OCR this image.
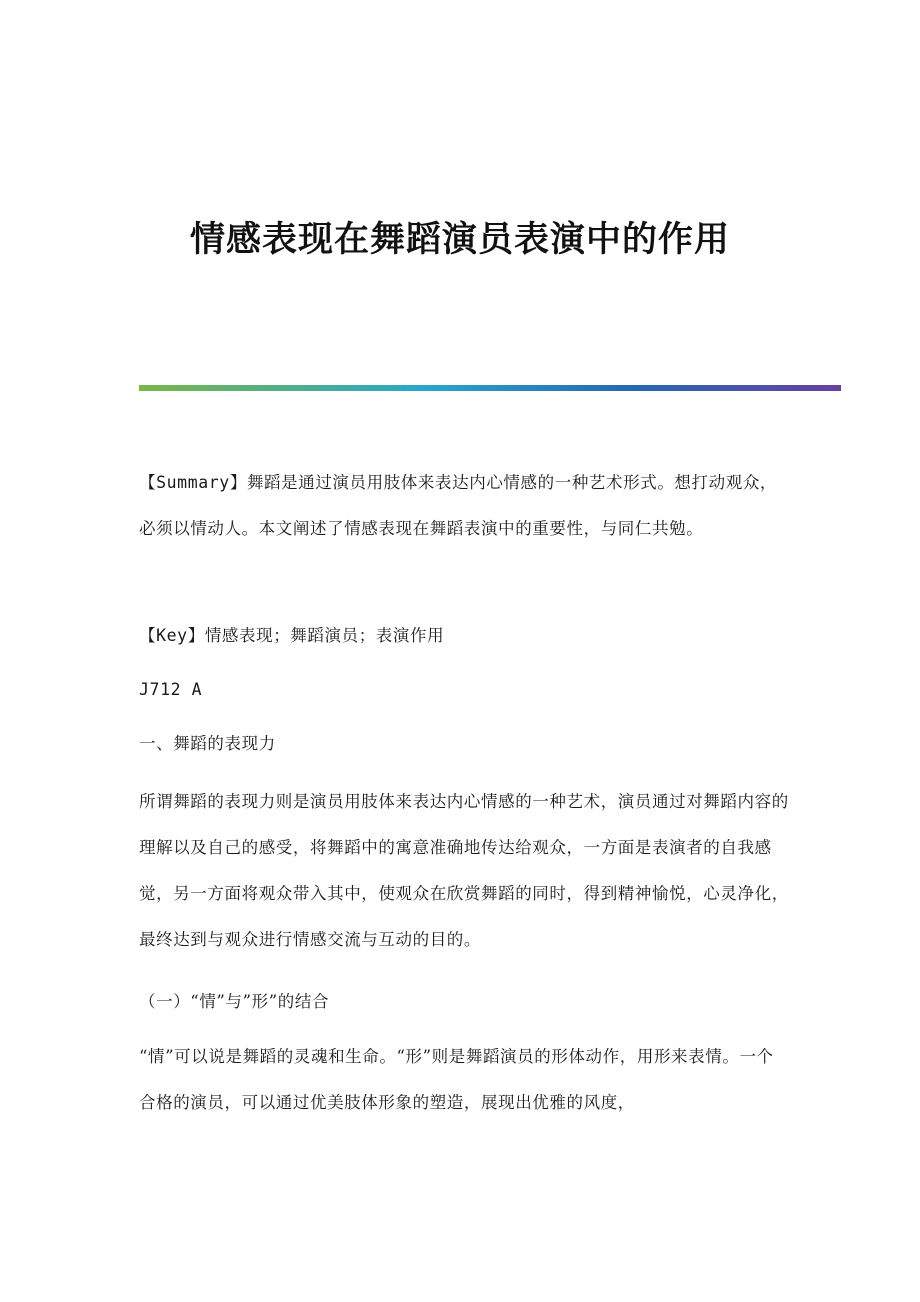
情感表现在舞蹈演员表演中的作用

【Summary】舞蹈是通过演员用肢体来表达内心情感的一种艺术形式。想打动观众，必须以情动人。本文阐述了情感表现在舞蹈表演中的重要性，与同仁共勉。

【Key】情感表现；舞蹈演员；表演作用

J712 A

一、舞蹈的表现力

所谓舞蹈的表现力则是演员用肢体来表达内心情感的一种艺术，演员通过对舞蹈内容的理解以及自己的感受，将舞蹈中的寓意准确地传达给观众，一方面是表演者的自我感觉，另一方面将观众带入其中，使观众在欣赏舞蹈的同时，得到精神愉悦，心灵净化，最终达到与观众进行情感交流与互动的目的。

（一）“情”与”形”的结合

“情”可以说是舞蹈的灵魂和生命。“形”则是舞蹈演员的形体动作，用形来表情。一个合格的演员，可以通过优美肢体形象的塑造，展现出优雅的风度，
